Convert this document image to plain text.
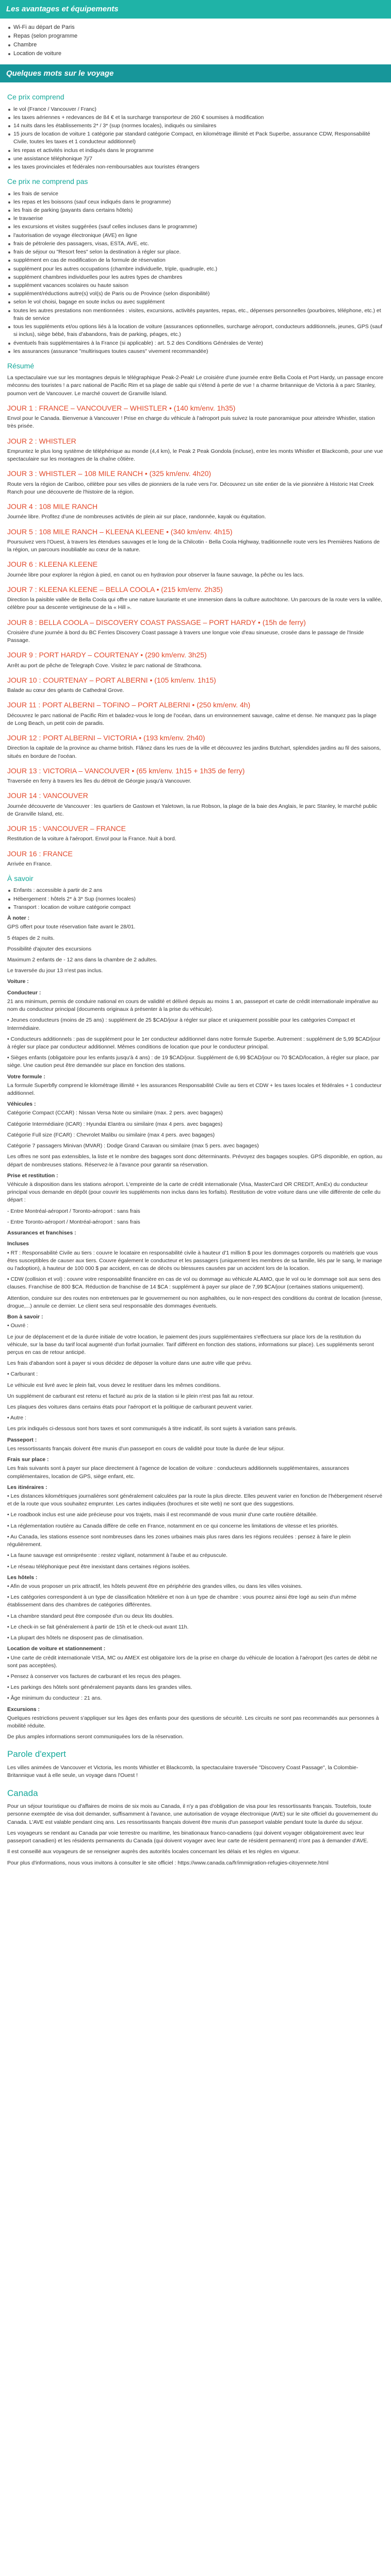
Les avantages et équipements
Wi-Fi au départ de Paris
Repas (selon programme
Chambre
Location de voiture
Quelques mots sur le voyage
Ce prix comprend
le vol (France / Vancouver / Franc)
les taxes aériennes + redevances de 84 € et la surcharge transporteur de 260 € soumises à modification
14 nuits dans les établissements 2* / 3* (sup (normes locales), indiqués ou similaires
15 jours de location de voiture 1 catégorie par standard catégorie Compact, en kilométrage illimité et Pack Superbe, assurance CDW, Responsabilité Civile, toutes les taxes et 1 conducteur additionnel)
les repas et activités inclus et indiqués dans le programme
une assistance téléphonique 7j/7
les taxes provinciales et fédérales non-remboursables aux touristes étrangers
Ce prix ne comprend pas
les frais de service
les repas et les boissons (sauf ceux indiqués dans le programme)
les frais de parking (payants dans certains hôtels)
le travaerise
les excursions et visites suggérées (sauf celles incluses dans le programme)
l'autorisation de voyage électronique (AVE) en ligne
frais de pétrolerie des passagers, visas, ESTA, AVE, etc.
frais de séjour ou "Resort fees" selon la destination à régler sur place.
supplément en cas de modification de la formule de réservation
supplément pour les autres occupations (chambre individuelle, triple, quadruple, etc.)
supplément chambres individuelles pour les autres types de chambres
supplément vacances scolaires ou haute saison
supplément/réductions autre(s) vol(s) de Paris ou de Province (selon disponibilité)
selon le vol choisi, bagage en soute inclus ou avec supplément
toutes les autres prestations non mentionnées : visites, excursions, activités payantes, repas, etc., dépenses personnelles (pourboires, téléphone, etc.) et frais de service
tous les suppléments et/ou options liés à la location de voiture (assurances optionnelles, surcharge aéroport, conducteurs additionnels, jeunes, GPS (sauf si inclus), siège bébé, frais d'abandons, frais de parking, péages, etc.)
éventuels frais supplémentaires à la France (si applicable) : art. 5.2 des Conditions Générales de Vente)
les assurances (assurance "multirisques toutes causes" vivement recommandée)
Résumé

La spectaculaire vue sur les montagnes depuis le télégraphique Peak-2-Peak! Le croisière d'une journée entre Bella Coola et Port Hardy, un passage encore méconnu des touristes ! a parc national de Pacific Rim et sa plage de sable qui s'étend à perte de vue ! a charme britannique de Victoria à a parc Stanley, poumon vert de Vancouver. Le marché couvert de Granville Island.

JOUR 1 : FRANCE – VANCOUVER – WHISTLER • (140 km/env. 1h35)

Envol pour le Canada. Bienvenue à Vancouver ! Prise en charge du véhicule à l'aéroport puis suivez la route panoramique pour atteindre Whistler, station très prisée.

JOUR 2 : WHISTLER

Empruntez le plus long système de téléphérique au monde (4,4 km), le Peak 2 Peak Gondola (incluse), entre les monts Whistler et Blackcomb, pour une vue spectaculaire sur les montagnes de la chaîne côtière.

JOUR 3 : WHISTLER – 108 MILE RANCH • (325 km/env. 4h20)

Route vers la région de Cariboo, célèbre pour ses villes de pionniers de la ruée vers l'or. Découvrez un site entier de la vie pionnière à Historic Hat Creek Ranch pour une découverte de l'histoire de la région.

JOUR 4 : 108 MILE RANCH

Journée libre. Profitez d'une de nombreuses activités de plein air sur place, randonnée, kayak ou équitation.

JOUR 5 : 108 MILE RANCH – KLEENA KLEENE • (340 km/env. 4h15)

Poursuivez vers l'Ouest, à travers les étendues sauvages et le long de la Chilcotin - Bella Coola Highway, traditionnelle route vers les Premières Nations de la région, un parcours inoubliable au cœur de la nature.

JOUR 6 : KLEENA KLEENE

Journée libre pour explorer la région à pied, en canot ou en hydravion pour observer la faune sauvage, la pêche ou les lacs.

JOUR 7 : KLEENA KLEENE – BELLA COOLA • (215 km/env. 2h35)

Direction la paisible vallée de Bella Coola qui offre une nature luxuriante et une immersion dans la culture autochtone. Un parcours de la route vers la vallée, célèbre pour sa descente vertigineuse de la « Hill ».

JOUR 8 : BELLA COOLA – DISCOVERY COAST PASSAGE – PORT HARDY • (15h de ferry)

Croisière d'une journée à bord du BC Ferries Discovery Coast passage à travers une longue voie d'eau sinueuse, crosée dans le passage de l'Inside Passage.

JOUR 9 : PORT HARDY – COURTENAY • (290 km/env. 3h25)

Arrêt au port de pêche de Telegraph Cove. Visitez le parc national de Strathcona.

JOUR 10 : COURTENAY – PORT ALBERNI • (105 km/env. 1h15)

Balade au cœur des géants de Cathedral Grove.

JOUR 11 : PORT ALBERNI – TOFINO – PORT ALBERNI • (250 km/env. 4h)

Découvrez le parc national de Pacific Rim et baladez-vous le long de l'océan, dans un environnement sauvage, calme et dense. Ne manquez pas la plage de Long Beach, un petit coin de paradis.

JOUR 12 : PORT ALBERNI – VICTORIA • (193 km/env. 2h40)

Direction la capitale de la province au charme british. Flânez dans les rues de la ville et découvrez les jardins Butchart, splendides jardins au fil des saisons, situés en bordure de l'océan.

JOUR 13 : VICTORIA – VANCOUVER • (65 km/env. 1h15 + 1h35 de ferry)

Traversée en ferry à travers les îles du détroit de Géorgie jusqu'à Vancouver.

JOUR 14 : VANCOUVER

Journée découverte de Vancouver : les quartiers de Gastown et Yaletown, la rue Robson, la plage de la baie des Anglais, le parc Stanley, le marché public de Granville Island, etc.

JOUR 15 : VANCOUVER – FRANCE

Restitution de la voiture à l'aéroport. Envol pour la France. Nuit à bord.

JOUR 16 : FRANCE

Arrivée en France.

À savoir
Enfants : accessible à partir de 2 ans
Hébergement : hôtels 2* à 3* Sup (normes locales)
Transport : location de voiture catégorie compact
À noter :

GPS offert pour toute réservation faite avant le 28/01.

5 étapes de 2 nuits.

Possibilité d'ajouter des excursions

Maximum 2 enfants de - 12 ans dans la chambre de 2 adultes.

Le traversée du jour 13 n'est pas inclus.

Voiture :
Conducteur :

21 ans minimum, permis de conduire national en cours de validité et délivré depuis au moins 1 an, passeport et carte de crédit internationale impérative au nom du conducteur principal (documents originaux à présenter à la prise du véhicule).

• Jeunes conducteurs (moins de 25 ans) : supplément de 25 $CAD/jour à régler sur place et uniquement possible pour les catégories Compact et Intermédiaire.

• Conducteurs additionnels : pas de supplément pour le 1er conducteur additionnel dans notre formule Superbe. Autrement : supplément de 5,99 $CAD/jour à régler sur place par conducteur additionnel. Mêmes conditions de location que pour le conducteur principal.

• Sièges enfants (obligatoire pour les enfants jusqu'à 4 ans) : de 19 $CAD/jour. Supplément de 6,99 $CAD/jour ou 70 $CAD/location, à régler sur place, par siège. Une caution peut être demandée sur place en fonction des stations.

Votre formule :

La formule Superbfly comprend le kilométrage illimité + les assurances Responsabilité Civile au tiers et CDW + les taxes locales et fédérales + 1 conducteur additionnel.

Véhicules :

Catégorie Compact (CCAR) : Nissan Versa Note ou similaire (max. 2 pers. avec bagages)

Catégorie Intermédiaire (ICAR) : Hyundai Elantra ou similaire (max 4 pers. avec bagages)

Catégorie Full size (FCAR) : Chevrolet Malibu ou similaire (max 4 pers. avec bagages)

Catégorie 7 passagers Minivan (MVAR) : Dodge Grand Caravan ou similaire (max 5 pers. avec bagages)

Les offres ne sont pas extensibles, la liste et le nombre des bagages sont donc déterminants. Prévoyez des bagages souples. GPS disponible, en option, au départ de nombreuses stations. Réservez-le à l'avance pour garantir sa réservation.

Prise et restitution :

Véhicule à disposition dans les stations aéroport. L'empreinte de la carte de crédit internationale (Visa, MasterCard OR CREDIT, AmEx) du conducteur principal vous demande en dépôt (pour couvrir les suppléments non inclus dans les forfaits). Restitution de votre voiture dans une ville différente de celle du départ :

- Entre Montréal-aéroport / Toronto-aéroport : sans frais

- Entre Toronto-aéroport / Montréal-aéroport : sans frais

Assurances et franchises :
Incluses

• RT : Responsabilité Civile au tiers : couvre le locataire en responsabilité civile à hauteur d'1 million $ pour les dommages corporels ou matériels que vous êtes susceptibles de causer aux tiers. Couvre également le conducteur et les passagers (uniquement les membres de sa famille, liés par le sang, le mariage ou l'adoption), à hauteur de 100 000 $ par accident, en cas de décès ou blessures causées par un accident lors de la location.

• CDW (collision et vol) : couvre votre responsabilité financière en cas de vol ou dommage au véhicule ALAMO, que le vol ou le dommage soit aux sens des clauses. Franchise de 800 $CA. Réduction de franchise de 14 $CA : supplément à payer sur place de 7,99 $CA/jour (certaines stations uniquement).

Attention, conduire sur des routes non entretenues par le gouvernement ou non asphaltées, ou le non-respect des conditions du contrat de location (ivresse, drogue,...) annule ce dernier. Le client sera seul responsable des dommages éventuels.

Bon à savoir :

• Ouvré :

Le jour de déplacement et de la durée initiale de votre location, le paiement des jours supplémentaires s'effectuera sur place lors de la restitution du véhicule, sur la base du tarif local augmenté d'un forfait journalier. Tarif différent en fonction des stations, informations sur place). Les suppléments seront perçus en cas de retour anticipé.

Les frais d'abandon sont à payer si vous décidez de déposer la voiture dans une autre ville que prévu.

• Carburant :

Le véhicule est livré avec le plein fait, vous devez le restituer dans les mêmes conditions.

Un supplément de carburant est retenu et facturé au prix de la station si le plein n'est pas fait au retour.

Les plaques des voitures dans certains états pour l'aéroport et la politique de carburant peuvent varier.

• Autre :

Les prix indiqués ci-dessous sont hors taxes et sont communiqués à titre indicatif, ils sont sujets à variation sans préavis.

Passeport :

Les ressortissants français doivent être munis d'un passeport en cours de validité pour toute la durée de leur séjour.

Frais sur place :

Les frais suivants sont à payer sur place directement à l'agence de location de voiture : conducteurs additionnels supplémentaires, assurances complémentaires, location de GPS, siège enfant, etc.

Les itinéraires :

• Les distances kilométriques journalières sont généralement calculées par la route la plus directe. Elles peuvent varier en fonction de l'hébergement réservé et de la route que vous souhaitez emprunter. Les cartes indiquées (brochures et site web) ne sont que des suggestions.

• Le roadbook inclus est une aide précieuse pour vos trajets, mais il est recommandé de vous munir d'une carte routière détaillée.

• La réglementation routière au Canada diffère de celle en France, notamment en ce qui concerne les limitations de vitesse et les priorités.

• Au Canada, les stations essence sont nombreuses dans les zones urbaines mais plus rares dans les régions reculées : pensez à faire le plein régulièrement.

• La faune sauvage est omniprésente : restez vigilant, notamment à l'aube et au crépuscule.

• Le réseau téléphonique peut être inexistant dans certaines régions isolées.

Les hôtels :

• Afin de vous proposer un prix attractif, les hôtels peuvent être en périphérie des grandes villes, ou dans les villes voisines.

• Les catégories correspondent à un type de classification hôtelière et non à un type de chambre : vous pourrez ainsi être logé au sein d'un même établissement dans des chambres de catégories différentes.

• La chambre standard peut être composée d'un ou deux lits doubles.

• Le check-in se fait généralement à partir de 15h et le check-out avant 11h.

• La plupart des hôtels ne disposent pas de climatisation.

Location de voiture et stationnement :

• Une carte de crédit internationale VISA, MC ou AMEX est obligatoire lors de la prise en charge du véhicule de location à l'aéroport (les cartes de débit ne sont pas acceptées).

• Pensez à conserver vos factures de carburant et les reçus des péages.

• Les parkings des hôtels sont généralement payants dans les grandes villes.

• Âge minimum du conducteur : 21 ans.

Excursions :

Quelques restrictions peuvent s'appliquer sur les âges des enfants pour des questions de sécurité. Les circuits ne sont pas recommandés aux personnes à mobilité réduite.

De plus amples informations seront communiquées lors de la réservation.

Parole d'expert

Les villes animées de Vancouver et Victoria, les monts Whistler et Blackcomb, la spectaculaire traversée "Discovery Coast Passage", la Colombie-Britannique vaut à elle seule, un voyage dans l'Ouest !

Canada

Pour un séjour touristique ou d'affaires de moins de six mois au Canada, il n'y a pas d'obligation de visa pour les ressortissants français. Toutefois, toute personne exemptée de visa doit demander, suffisamment à l'avance, une autorisation de voyage électronique (AVE) sur le site officiel du gouvernement du Canada. L'AVE est valable pendant cinq ans. Les ressortissants français doivent être munis d'un passeport valable pendant toute la durée du séjour.

Les voyageurs se rendant au Canada par voie terrestre ou maritime, les binationaux franco-canadiens (qui doivent voyager obligatoirement avec leur passeport canadien) et les résidents permanents du Canada (qui doivent voyager avec leur carte de résident permanent) n'ont pas à demander d'AVE.

Il est conseillé aux voyageurs de se renseigner auprès des autorités locales concernant les délais et les règles en vigueur.

Pour plus d'informations, nous vous invitons à consulter le site officiel : https://www.canada.ca/fr/immigration-refugies-citoyennete.html
